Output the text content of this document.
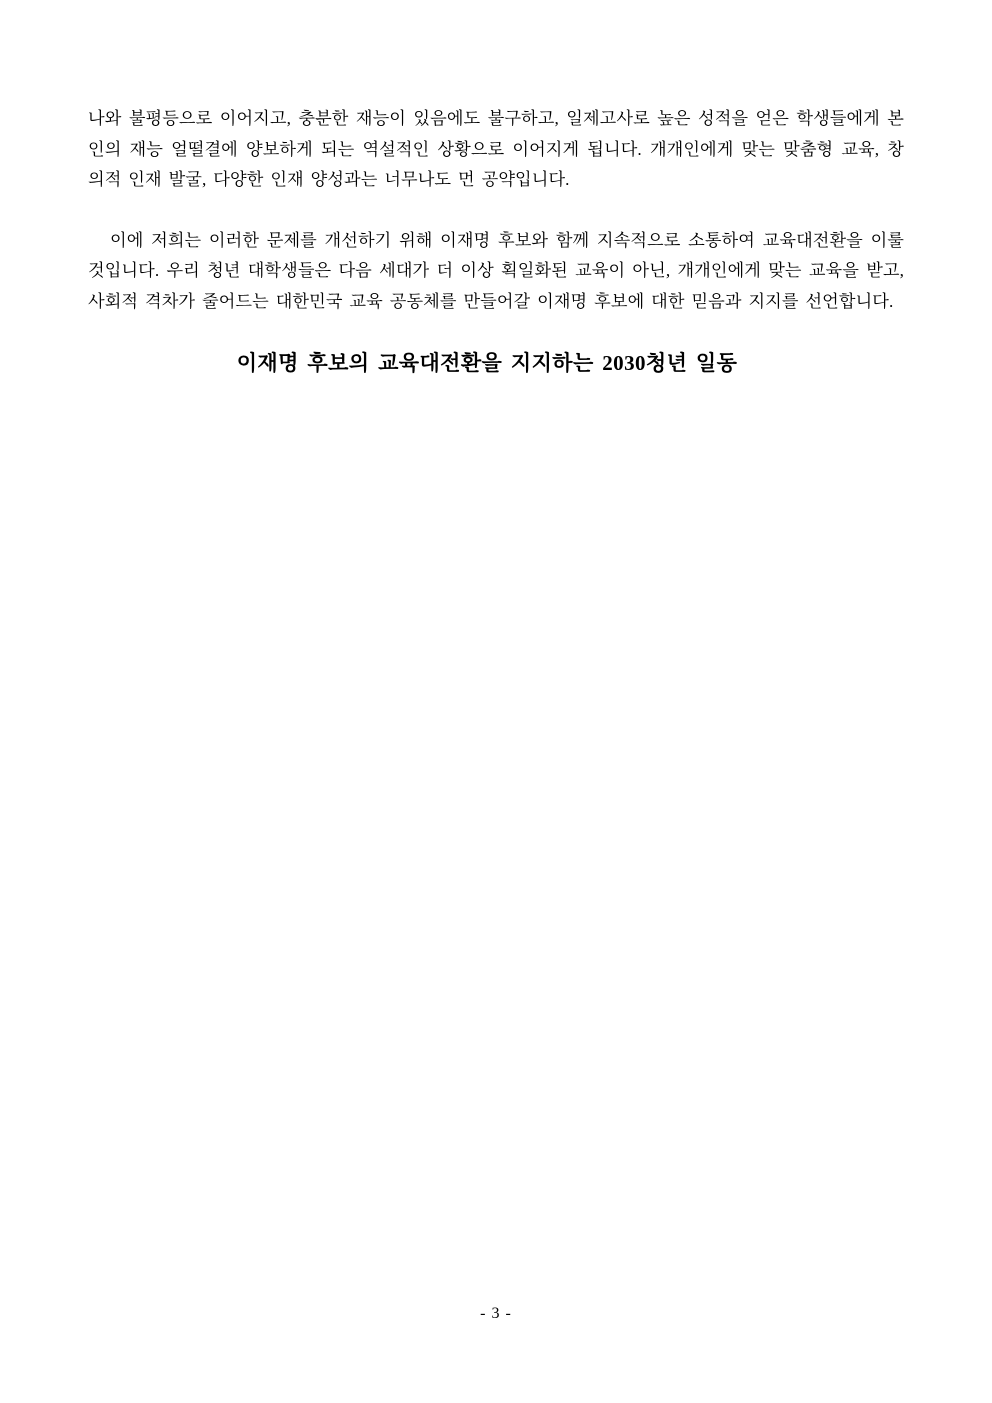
나와 불평등으로 이어지고, 충분한 재능이 있음에도 불구하고, 일제고사로 높은 성적을 얻은 학생들에게 본인의 재능 얼떨결에 양보하게 되는 역설적인 상황으로 이어지게 됩니다. 개개인에게 맞는 맞춤형 교육, 창의적 인재 발굴, 다양한 인재 양성과는 너무나도 먼 공약입니다.

이에 저희는 이러한 문제를 개선하기 위해 이재명 후보와 함께 지속적으로 소통하여 교육대전환을 이룰 것입니다. 우리 청년 대학생들은 다음 세대가 더 이상 획일화된 교육이 아닌, 개개인에게 맞는 교육을 받고, 사회적 격차가 줄어드는 대한민국 교육 공동체를 만들어갈 이재명 후보에 대한 믿음과 지지를 선언합니다.

이재명 후보의 교육대전환을 지지하는 2030청년 일동

- 3 -
